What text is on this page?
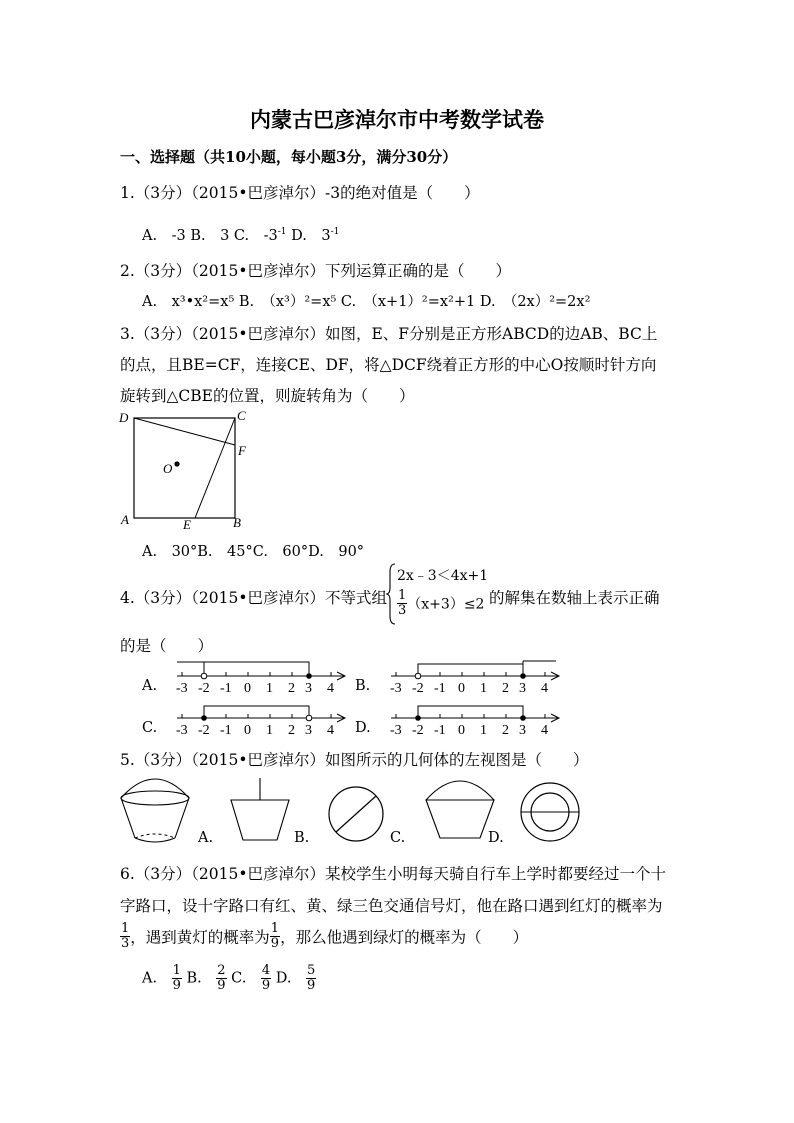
内蒙古巴彦淖尔市中考数学试卷
一、选择题（共10小题，每小题3分，满分30分）
1.（3分）（2015•巴彦淖尔）-3的绝对值是（　　）
A.　-3 B.　3 C.　$-3^{-1}$ D.　$3^{-1}$
2.（3分）（2015•巴彦淖尔）下列运算正确的是（　　）
A.　x³•x²=x⁵ B.　（x³）²=x⁵ C.　（x+1）²=x²+1 D.　（2x）²=2x²
3.（3分）（2015•巴彦淖尔）如图，E、F分别是正方形ABCD的边AB、BC上
的点，且BE=CF，连接CE、DF，将△DCF绕着正方形的中心O按顺时针方向
旋转到△CBE的位置，则旋转角为（　　）
D	C
F
O
A	E	B
A.　30°B.　45°C.　60°D.　90°
4.（3分）（2015•巴彦淖尔）不等式组
2x﹣3＜4x+1
$\frac{1}{3} (x+3)\le 2$ 的解集在数轴上表示正确
的是（　　）
A.	B.
C.	D.
-3 -2 -1 0 1 2 3 4	-3 -2 -1 0 1 2 3 4
-3 -2 -1 0 1 2 3 4	-3 -2 -1 0 1 2 3 4
5.（3分）（2015•巴彦淖尔）如图所示的几何体的左视图是（　　）
A.	B.	C.	D.
6.（3分）（2015•巴彦淖尔）某校学生小明每天骑自行车上学时都要经过一个十
字路口，设十字路口有红、黄、绿三色交通信号灯，他在路口遇到红灯的概率为
$\frac{1}{3}$ ，遇到黄灯的概率为 $\frac{1}{9}$ ，那么他遇到绿灯的概率为（　　）
A.　 $\frac{1}{9} B$.　 $\frac{2}{9} C$.　 $\frac{4}{9} D$.　 $\frac{5}{9}$
